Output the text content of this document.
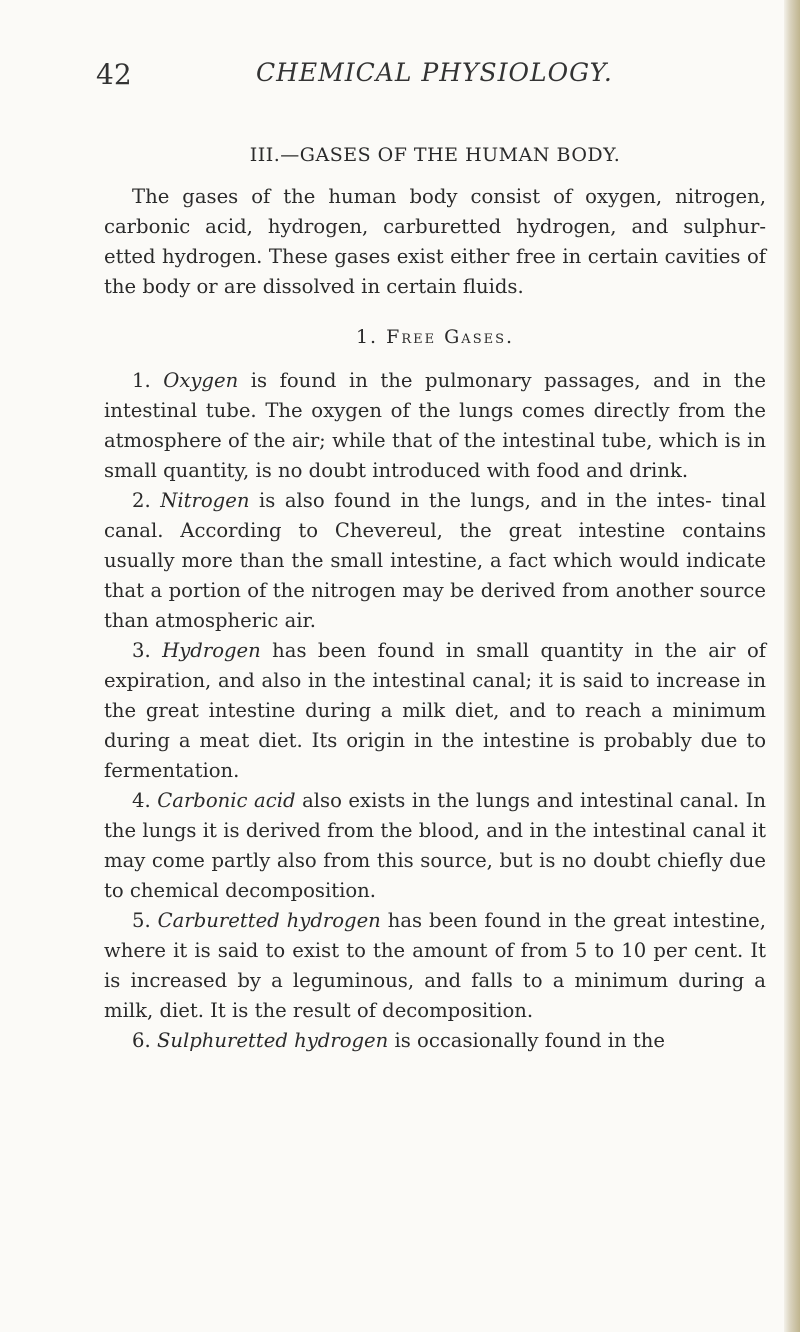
42	CHEMICAL PHYSIOLOGY.

III.—GASES OF THE HUMAN BODY.

The gases of the human body consist of oxygen, nitrogen, carbonic acid, hydrogen, carburetted hydrogen, and sulphur- etted hydrogen. These gases exist either free in certain cavities of the body or are dissolved in certain fluids.

1. Free Gases.

1. Oxygen is found in the pulmonary passages, and in the intestinal tube. The oxygen of the lungs comes directly from the atmosphere of the air; while that of the intestinal tube, which is in small quantity, is no doubt introduced with food and drink.

2. Nitrogen is also found in the lungs, and in the intes- tinal canal. According to Chevereul, the great intestine contains usually more than the small intestine, a fact which would indicate that a portion of the nitrogen may be derived from another source than atmospheric air.

3. Hydrogen has been found in small quantity in the air of expiration, and also in the intestinal canal; it is said to increase in the great intestine during a milk diet, and to reach a minimum during a meat diet. Its origin in the intestine is probably due to fermentation.

4. Carbonic acid also exists in the lungs and intestinal canal. In the lungs it is derived from the blood, and in the intestinal canal it may come partly also from this source, but is no doubt chiefly due to chemical decomposition.

5. Carburetted hydrogen has been found in the great intestine, where it is said to exist to the amount of from 5 to 10 per cent. It is increased by a leguminous, and falls to a minimum during a milk, diet. It is the result of decomposition.

6. Sulphuretted hydrogen is occasionally found in the
